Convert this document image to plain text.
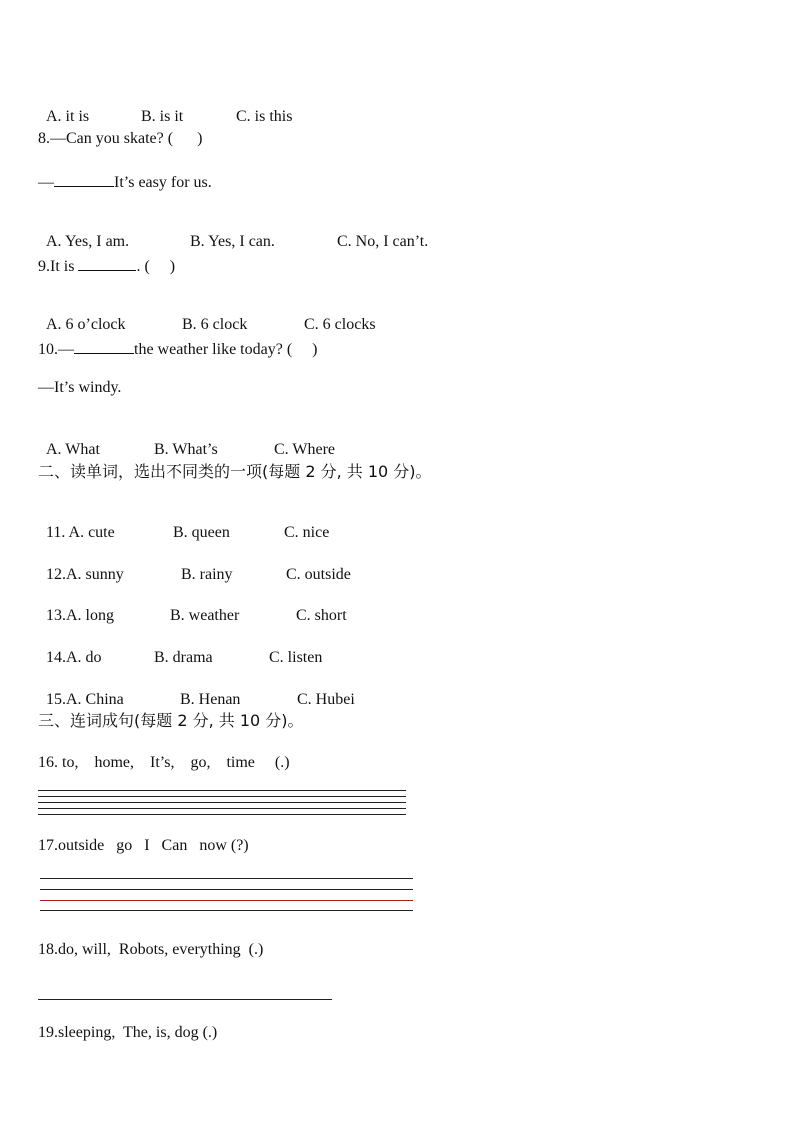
A. it is	B. is it	C. is this

8.—Can you skate? (      )
—	It’s easy for us.

A. Yes, I am.	B. Yes, I can.	C. No, I can’t.

9.It is	. (     )

A. 6 o’clock	B. 6 clock	C. 6 clocks

10.—	the weather like today? (     )
—It’s windy.

A. What	B. What’s	C. Where

二、读单词，选出不同类的一项(每题 2 分, 共 10 分)。

11. A. cute	B. queen	C. nice

12.A. sunny	B. rainy	C. outside

13.A. long	B. weather	C. short

14.A. do	B. drama	C. listen

15.A. China	B. Henan	C. Hubei

三、连词成句(每题 2 分, 共 10 分)。
16. to,    home,    It’s,    go,    time     (.)
17.outside   go   I   Can   now (?)
18.do, will,  Robots, everything  (.)
19.sleeping,  The, is, dog (.)
